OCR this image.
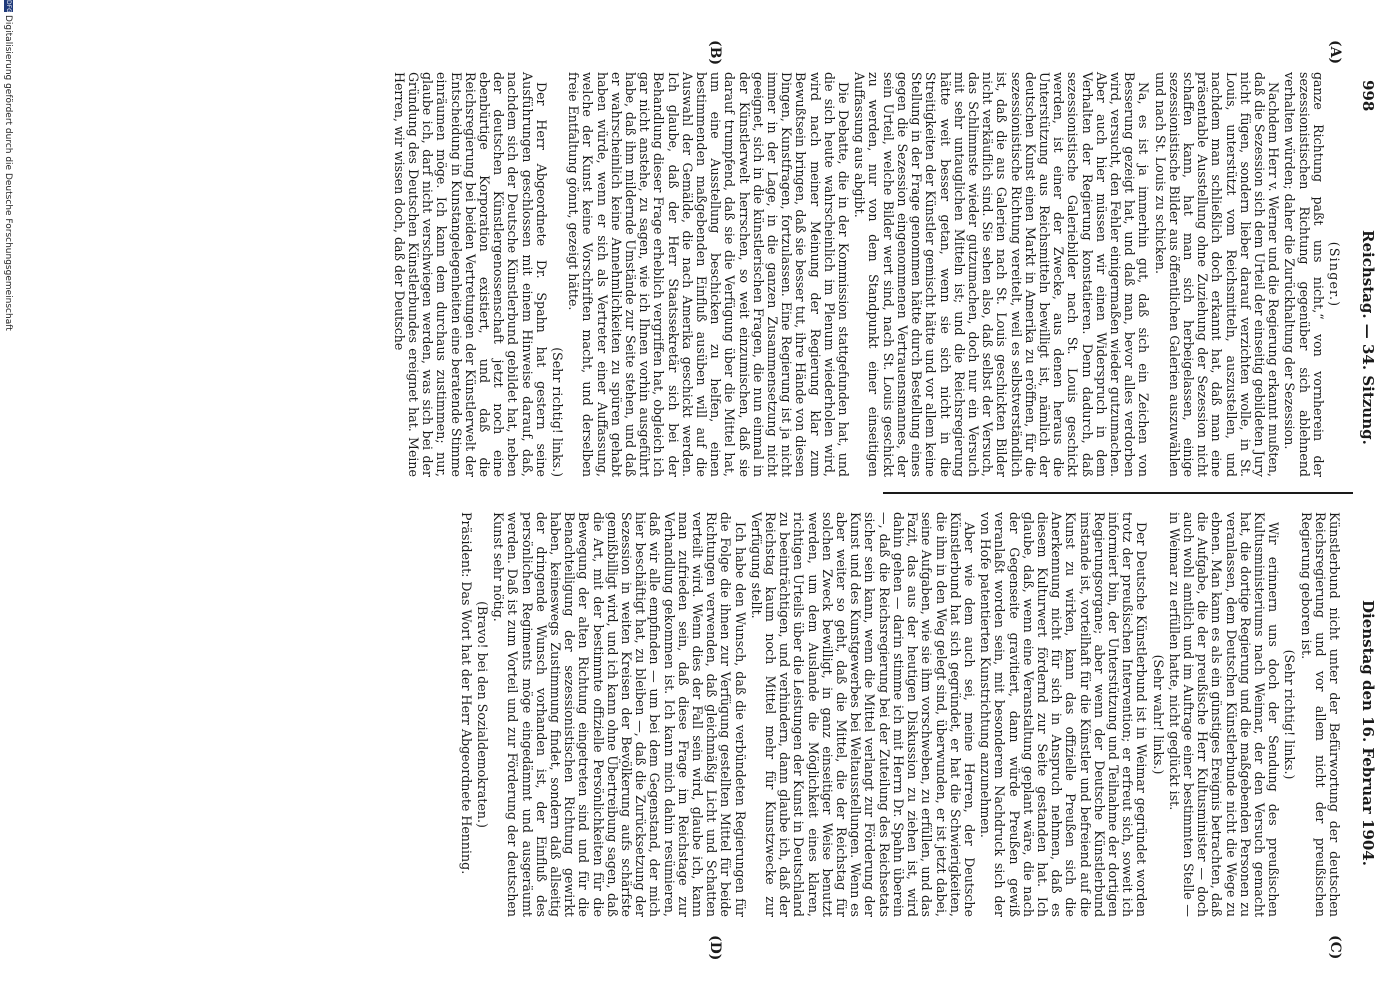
998
Reichstag. — 34. Sitzung.
Dienstag den 16. Februar 1904.
(A)
(B)
(C)
(D)

(Singer.)

ganze Richtung paßt uns nicht,“ von vornherein der sezessionistischen Richtung gegenüber sich ablehnend verhalten würden; daher die Zurückhaltung der Sezession.

Nachdem Herr v. Werner und die Regierung erkannt mußten, daß die Sezession sich dem Urteil der einseitig gebildeten Jury nicht fügen, sondern lieber darauf verzichten wolle, in St. Louis, unterstützt vom Reichsmitteln, auszustellen, und nachdem man schließlich doch erkannt hat, daß man eine präsentable Ausstellung ohne Zuziehung der Sezession nicht schaffen kann, hat man sich herbeigelassen, einige sezessionistische Bilder aus öffentlichen Galerien auszuwählen und nach St. Louis zu schicken.

Na, es ist ja immerhin gut, daß sich ein Zeichen von Besserung gezeigt hat, und daß man, bevor alles verdorben wird, versucht, den Fehler einigermaßen wieder gutzumachen. Aber auch hier müssen wir einen Widerspruch in dem Verhalten der Regierung konstatieren. Denn dadurch, daß sezessionistische Galeriebilder nach St. Louis geschickt werden, ist einer der Zwecke, aus denen heraus die Unterstützung aus Reichsmitteln bewilligt ist, nämlich der deutschen Kunst einen Markt in Amerika zu eröffnen, für die sezessionistische Richtung vereitelt, weil es selbstverständlich ist, daß die aus Galerien nach St. Louis geschickten Bilder nicht verkäuflich sind. Sie sehen also, daß selbst der Versuch, das Schlimmste wieder gutzumachen, doch nur ein Versuch mit sehr untauglichen Mitteln ist; und die Reichsregierung hätte weit besser getan, wenn sie sich nicht in die Streitigkeiten der Künstler gemischt hätte und vor allem keine Stellung in der Frage genommen hätte durch Bestellung eines gegen die Sezession eingenommenen Vertrauensmannes, der sein Urteil, welche Bilder wert sind, nach St. Louis geschickt zu werden, nur von dem Standpunkt einer einseitigen Auffassung aus abgibt.

Die Debatte, die in der Kommission stattgefunden hat, und die sich heute wahrscheinlich im Plenum wiederholen wird, wird nach meiner Meinung der Regierung klar zum Bewußtsein bringen, daß sie besser tut, ihre Hände von diesen Dingen, Kunstfragen, fortzulassen. Eine Regierung ist ja nicht immer in der Lage, in die ganzen Zusammensetzung nicht geeignet, sich in die künstlerischen Fragen, die nun einmal in der Künstlerwelt herrschen, so weit einzumischen, daß sie darauf trumpfend, daß sie die Verfügung über die Mittel hat, um eine Ausstellung beschicken zu helfen, einen bestimmenden maßgebenden Einfluß ausüben will auf die Auswahl der Gemälde, die nach Amerika geschickt werden. Ich glaube, daß der Herr Staatssekretär sich bei der Behandlung dieser Frage erheblich vergriffen hat, obgleich ich gar nicht anstehe, zu sagen, wie ich Ihnen vorhin ausgeführt habe, daß ihm mildernde Umstände zur Seite stehen, und daß er wahrscheinlich keine Annehmlichkeiten zu spüren gehabt haben würde, wenn er sich als Vertreter einer Auffassung, welche der Kunst keine Vorschriften macht, und derselben freie Entfaltung gönnt, gezeigt hätte.

(Sehr richtig! links.)

Der Herr Abgeordnete Dr. Spahn hat gestern seine Ausführungen geschlossen mit einem Hinweise darauf, daß, nachdem sich der Deutsche Künstlerbund gebildet hat, neben der deutschen Künstlergenossenschaft jetzt noch eine ebenbürtige Korporation existiert, und daß die Reichsregierung bei beiden Vertretungen der Künstlerwelt der Entscheidung in Kunstangelegenheiten eine beratende Stimme einräumen möge. Ich kann dem durchaus zustimmen; nur, glaube ich, darf nicht verschwiegen werden, was sich bei der Gründung des Deutschen Künstlerbundes ereignet hat. Meine Herren, wir wissen doch, daß der Deutsche

Künstlerbund nicht unter der Befürwortung der deutschen Reichsregierung und vor allem nicht der preußischen Regierung geboren ist.

(Sehr richtig! links.)

Wir erinnern uns doch der Sendung des preußischen Kultusministeriums nach Weimar, der den Versuch gemacht hat, die dortige Regierung und die maßgebenden Personen zu veranlassen, dem Deutschen Künstlerbunde nicht die Wege zu ebnen. Man kann es als ein günstiges Ereignis betrachten, daß die Aufgabe, die der preußische Herr Kultusminister — doch auch wohl amtlich und im Auftrage einer bestimmten Stelle — in Weimar zu erfüllen hatte, nicht geglückt ist.

(Sehr wahr! links.)

Der Deutsche Künstlerbund ist in Weimar gegründet worden trotz der preußischen Intervention; er erfreut sich, soweit ich informiert bin, der Unterstützung und Teilnahme der dortigen Regierungsorgane; aber wenn der Deutsche Künstlerbund imstande ist, vorteilhaft für die Künstler und befreiend auf die Kunst zu wirken, kann das offizielle Preußen sich die Anerkennung nicht für sich in Anspruch nehmen, daß es diesem Kulturwert fördernd zur Seite gestanden hat. Ich glaube, daß, wenn eine Veranstaltung geplant wäre, die nach der Gegenseite gravitiert, dann würde Preußen gewiß veranlaßt worden sein, mit besonderem Nachdruck sich der von Hofe patentierten Kunstrichtung anzunehmen.

Aber wie dem auch sei, meine Herren, der Deutsche Künstlerbund hat sich gegründet, er hat die Schwierigkeiten, die ihm in den Weg gelegt sind, überwunden, er ist jetzt dabei, seine Aufgaben, wie sie ihm vorschweben, zu erfüllen, und das Fazit, das aus der heutigen Diskussion zu ziehen ist, wird dahin gehen — darin stimme ich mit Herrn Dr. Spahn überein —, daß die Reichsregierung bei der Zuteilung des Reichsetats sicher sein kann, wenn die Mittel verlangt zur Förderung der Kunst und des Kunstgewerbes bei Weltausstellungen. Wenn es aber weiter so geht, daß die Mittel, die der Reichstag für solchen Zweck bewilligt, in ganz einseitiger Weise benutzt werden, um dem Auslande die Möglichkeit eines klaren, richtigen Urteils über die Leistungen der Kunst in Deutschland zu beeinträchtigen, und verhindern, dann glaube ich, daß der Reichstag kaum noch Mittel mehr für Kunstzwecke zur Verfügung stellt.

Ich habe den Wunsch, daß die verbündeten Regierungen für die Folge die ihnen zur Verfügung gestellten Mittel für beide Richtungen verwenden, daß gleichmäßig Licht und Schatten verteilt wird. Wenn dies der Fall sein wird, glaube ich, kann man zufrieden sein, daß diese Frage im Reichstage zur Verhandlung gekommen ist. Ich kann mich dahin resümieren, daß wir alle empfinden — um bei dem Gegenstand, der mich hier beschäftigt hat, zu bleiben —, daß die Zurücksetzung der Sezession in weiten Kreisen der Bevölkerung aufs schärfste gemißbilligt wird, und ich kann ohne Übertreibung sagen, daß die Art, mit der bestimmte offizielle Persönlichkeiten für die Bewegung der alten Richtung eingetreten sind und für die Benachteiligung der sezessionistischen Richtung gewirkt haben, keineswegs Zustimmung findet, sondern daß allseitig der dringende Wunsch vorhanden ist, der Einfluß des persönlichen Regiments möge eingedämmt und ausgeräumt werden. Daß ist zum Vorteil und zur Förderung der deutschen Kunst sehr nötig.

(Bravo! bei den Sozialdemokraten.)

Präsident: Das Wort hat der Herr Abgeordnete Henning.

DFGDigitalisierung gefördert durch die Deutsche Forschungsgemeinschaft
